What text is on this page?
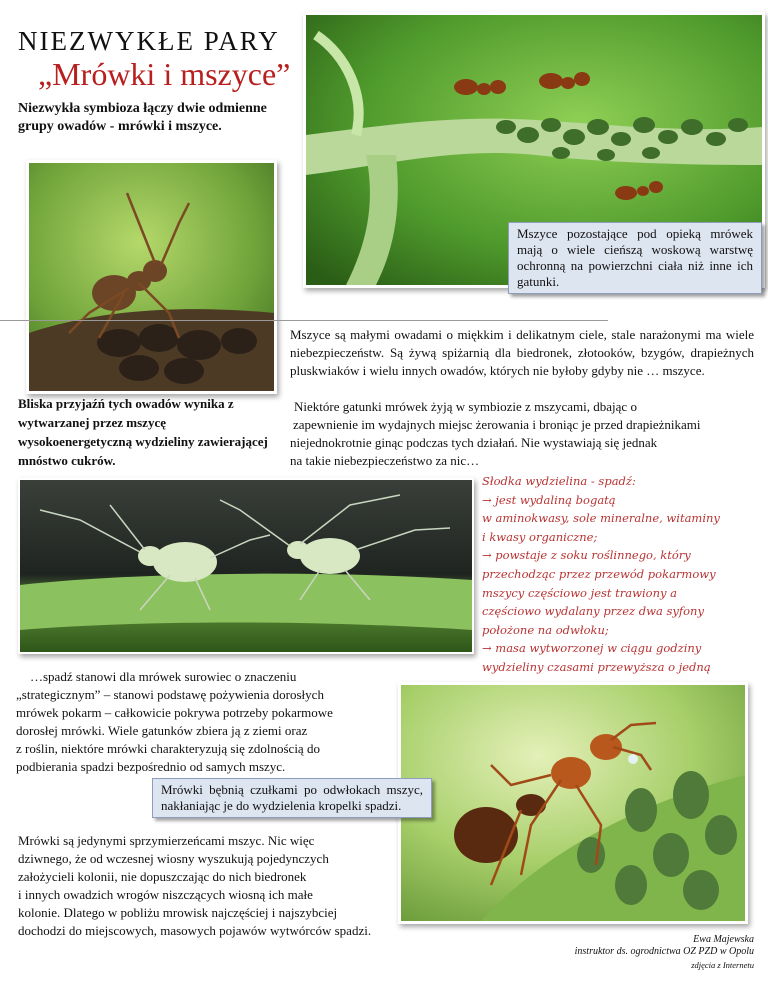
NIEZWYKŁE PARY
„Mrówki i mszyce”
Niezwykła symbioza łączy dwie odmienne grupy owadów - mrówki i mszyce.
Mszyce pozostające pod opieką mrówek mają o wiele cieńszą woskową warstwę ochronną na powierzchni ciała niż inne ich gatunki.
Mszyce są małymi owadami o miękkim i delikatnym ciele, stale narażonymi ma wiele niebezpieczeństw. Są żywą spiżarnią dla biedronek, złotooków, bzygów, drapieżnych pluskwiaków i wielu innych owadów, których nie byłoby gdyby nie … mszyce.
Niektóre gatunki mrówek żyją w symbiozie z mszycami, dbając o
zapewnienie im wydajnych miejsc żerowania i broniąc je przed drapieżnikami
niejednokrotnie ginąc podczas tych działań. Nie wystawiają się jednak
na takie niebezpieczeństwo za nic…
Bliska przyjaźń tych owadów wynika z wytwarzanej przez mszycę wysokoenergetyczną wydzieliny zawierającej mnóstwo cukrów.
Słodka wydzielina - spadź:
→ jest wydaliną bogatą
w aminokwasy, sole mineralne, witaminy
i kwasy organiczne;
→ powstaje z soku roślinnego, który
przechodząc przez przewód pokarmowy
mszycy częściowo jest trawiony a
częściowo wydalany przez dwa syfony
położone na odwłoku;
→ masa wytworzonej w ciągu godziny
wydzieliny czasami przewyższa o jedną
…spadź stanowi dla mrówek surowiec o znaczeniu
„strategicznym” – stanowi podstawę pożywienia dorosłych
mrówek pokarm – całkowicie pokrywa potrzeby pokarmowe
dorosłej mrówki. Wiele gatunków zbiera ją z ziemi oraz
z roślin, niektóre mrówki charakteryzują się zdolnością do
podbierania spadzi bezpośrednio od samych mszyc.
Mrówki bębnią czułkami po odwłokach mszyc, nakłaniając je do wydzielenia kropelki spadzi.
Mrówki są jedynymi sprzymierzeńcami mszyc. Nic więc
dziwnego, że od wczesnej wiosny wyszukują pojedynczych
założycieli kolonii, nie dopuszczając do nich biedronek
i innych owadzich wrogów niszczących wiosną ich małe
kolonie. Dlatego w pobliżu mrowisk najczęściej i najszybciej
dochodzi do miejscowych, masowych pojawów wytwórców spadzi.
Ewa Majewska
instruktor ds. ogrodnictwa OZ PZD w Opolu
zdjęcia z Internetu
